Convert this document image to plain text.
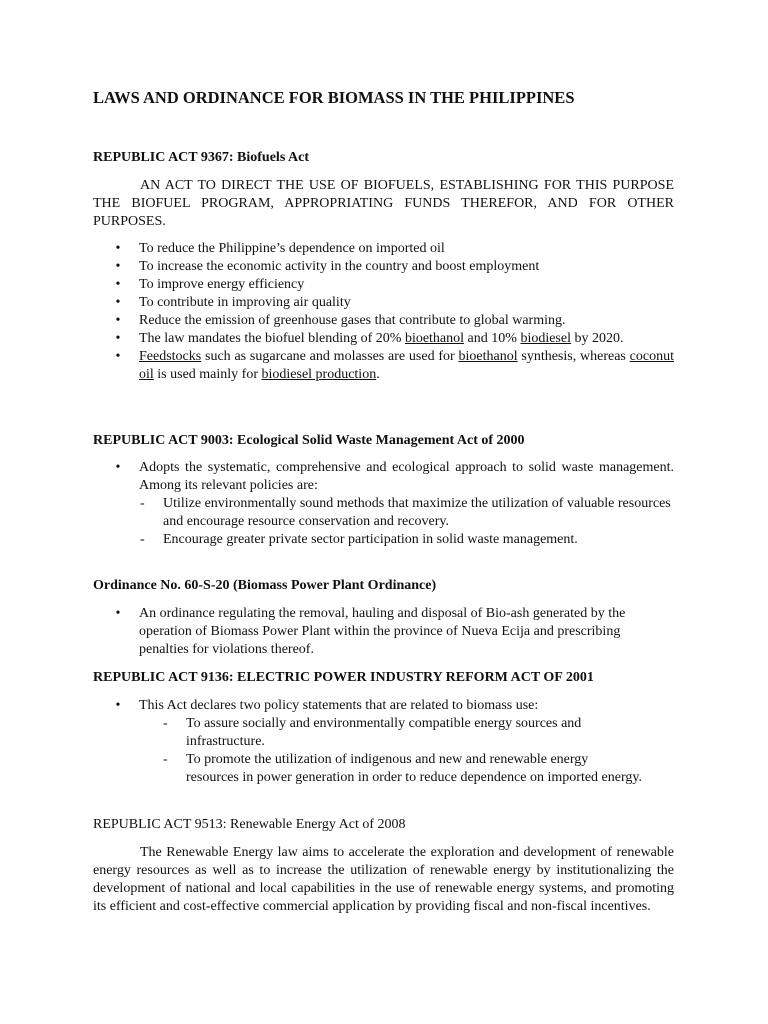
LAWS AND ORDINANCE FOR BIOMASS IN THE PHILIPPINES
REPUBLIC ACT 9367: Biofuels Act

AN ACT TO DIRECT THE USE OF BIOFUELS, ESTABLISHING FOR THIS PURPOSE THE BIOFUEL PROGRAM, APPROPRIATING FUNDS THEREFOR, AND FOR OTHER PURPOSES.

• To reduce the Philippine’s dependence on imported oil
• To increase the economic activity in the country and boost employment
• To improve energy efficiency
• To contribute in improving air quality
• Reduce the emission of greenhouse gases that contribute to global warming.
• The law mandates the biofuel blending of 20% bioethanol and 10% biodiesel by 2020.
• Feedstocks such as sugarcane and molasses are used for bioethanol synthesis, whereas coconut oil is used mainly for biodiesel production.
REPUBLIC ACT 9003: Ecological Solid Waste Management Act of 2000
• Adopts the systematic, comprehensive and ecological approach to solid waste management. Among its relevant policies are:
- Utilize environmentally sound methods that maximize the utilization of valuable resources and encourage resource conservation and recovery.
- Encourage greater private sector participation in solid waste management.
Ordinance No. 60-S-20 (Biomass Power Plant Ordinance)
• An ordinance regulating the removal, hauling and disposal of Bio-ash generated by the operation of Biomass Power Plant within the province of Nueva Ecija and prescribing penalties for violations thereof.
REPUBLIC ACT 9136: ELECTRIC POWER INDUSTRY REFORM ACT OF 2001
• This Act declares two policy statements that are related to biomass use:
- To assure socially and environmentally compatible energy sources and infrastructure.
- To promote the utilization of indigenous and new and renewable energy resources in power generation in order to reduce dependence on imported energy.
REPUBLIC ACT 9513: Renewable Energy Act of 2008

The Renewable Energy law aims to accelerate the exploration and development of renewable energy resources as well as to increase the utilization of renewable energy by institutionalizing the development of national and local capabilities in the use of renewable energy systems, and promoting its efficient and cost-effective commercial application by providing fiscal and non-fiscal incentives.
